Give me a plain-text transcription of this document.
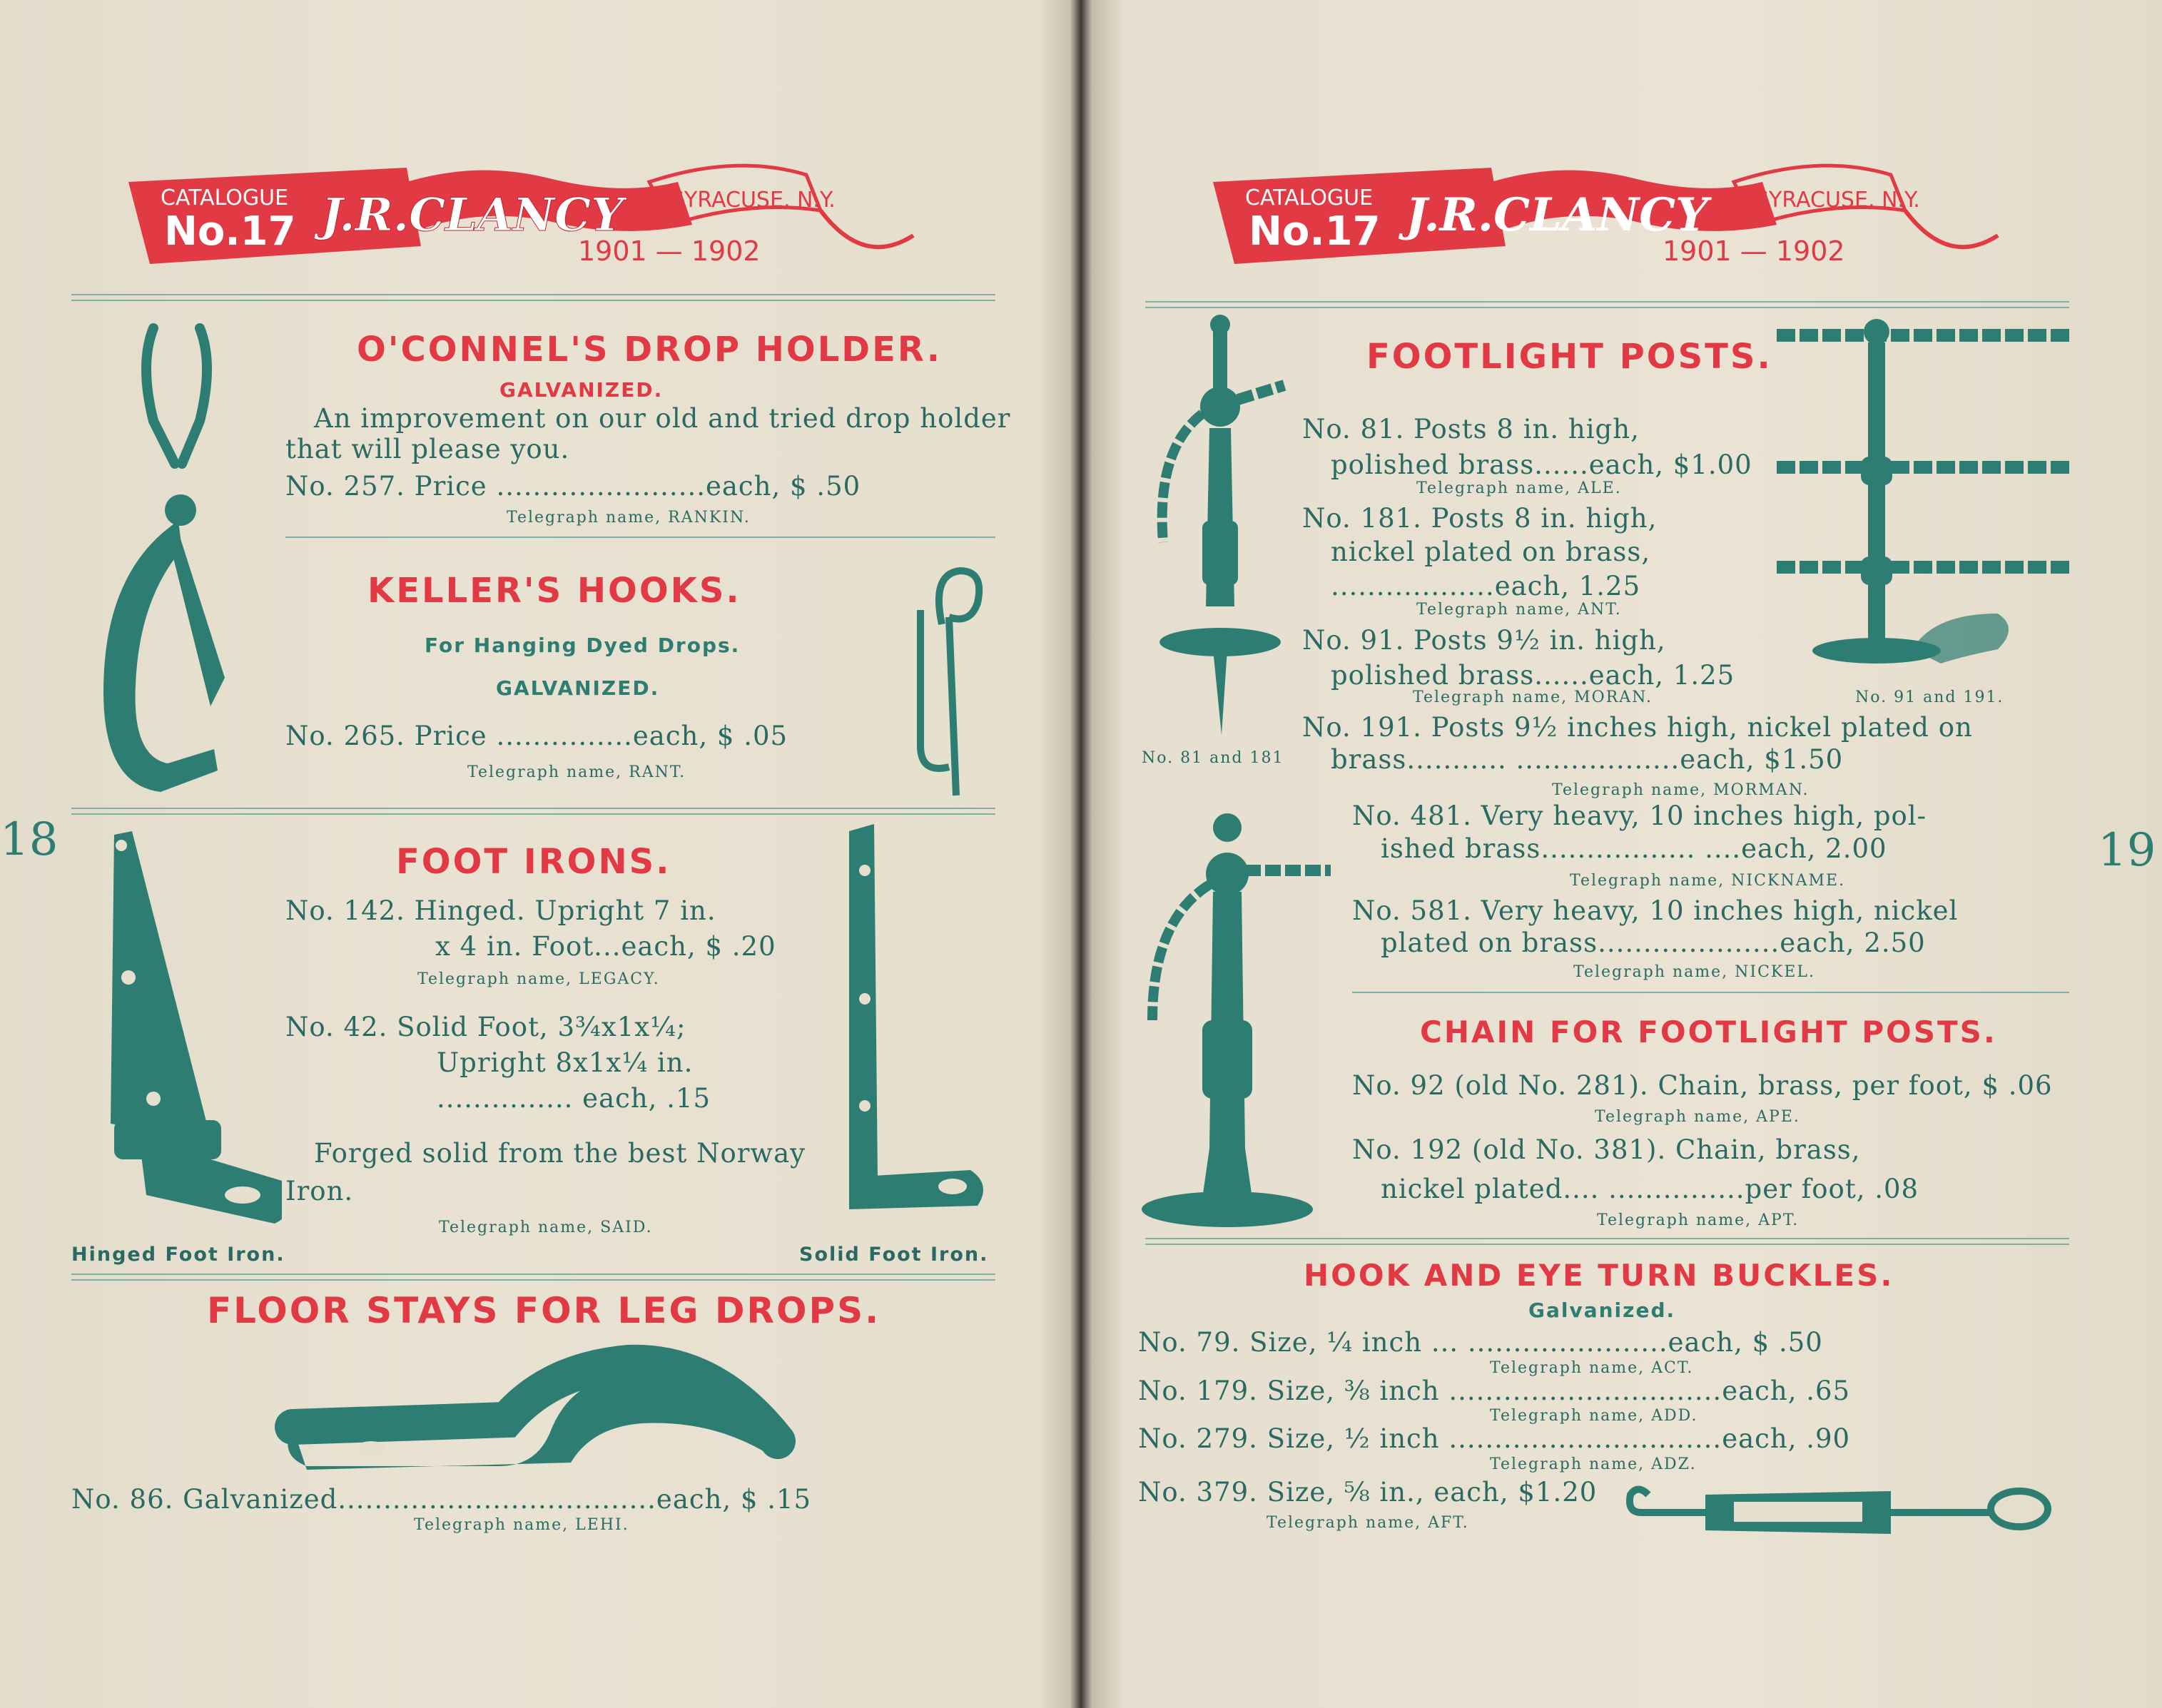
CATALOGUE
No.17 J.R.CLANCY SYRACUSE, N.Y.
1901 — 1902
O'CONNEL'S DROP HOLDER.
GALVANIZED.
An improvement on our old and tried drop holder
that will please you.
No. 257. Price .......................each, $ .50
Telegraph name, RANKIN.
KELLER'S HOOKS.
For Hanging Dyed Drops.
GALVANIZED.
No. 265. Price ...............each, $ .05
Telegraph name, RANT.
18
Hinged Foot Iron.	Solid Foot Iron.
FOOT IRONS.
No. 142. Hinged. Upright 7 in.
x 4 in. Foot...each, $ .20
Telegraph name, LEGACY.
No. 42. Solid Foot, 3¾x1x¼;
Upright 8x1x¼ in.
............... each, .15
Forged solid from the best Norway
Iron.
Telegraph name, SAID.
FLOOR STAYS FOR LEG DROPS.
No. 86. Galvanized...................................each, $ .15
Telegraph name, LEHI.
CATALOGUE
No.17 J.R.CLANCY SYRACUSE, N.Y.
1901 — 1902
No. 81 and 181
No. 91 and 191.
FOOTLIGHT POSTS.
No. 81. Posts 8 in. high,
polished brass......each, $1.00
Telegraph name, ALE.
No. 181. Posts 8 in. high,
nickel plated on brass,
..................each, 1.25
Telegraph name, ANT.
No. 91. Posts 9½ in. high,
polished brass......each, 1.25
Telegraph name, MORAN.
No. 191. Posts 9½ inches high, nickel plated on
brass........... ..................each, $1.50
Telegraph name, MORMAN.
19
No. 481. Very heavy, 10 inches high, pol-
ished brass................. ....each, 2.00
Telegraph name, NICKNAME.
No. 581. Very heavy, 10 inches high, nickel
plated on brass....................each, 2.50
Telegraph name, NICKEL.
CHAIN FOR FOOTLIGHT POSTS.
No. 92 (old No. 281). Chain, brass, per foot, $ .06
Telegraph name, APE.
No. 192 (old No. 381). Chain, brass,
nickel plated.... ...............per foot, .08
Telegraph name, APT.
HOOK AND EYE TURN BUCKLES.
Galvanized.
No. 79. Size, ¼ inch ... ......................each, $ .50
Telegraph name, ACT.
No. 179. Size, ⅜ inch ..............................each, .65
Telegraph name, ADD.
No. 279. Size, ½ inch ..............................each, .90
Telegraph name, ADZ.
No. 379. Size, ⅝ in., each, $1.20
Telegraph name, AFT.
